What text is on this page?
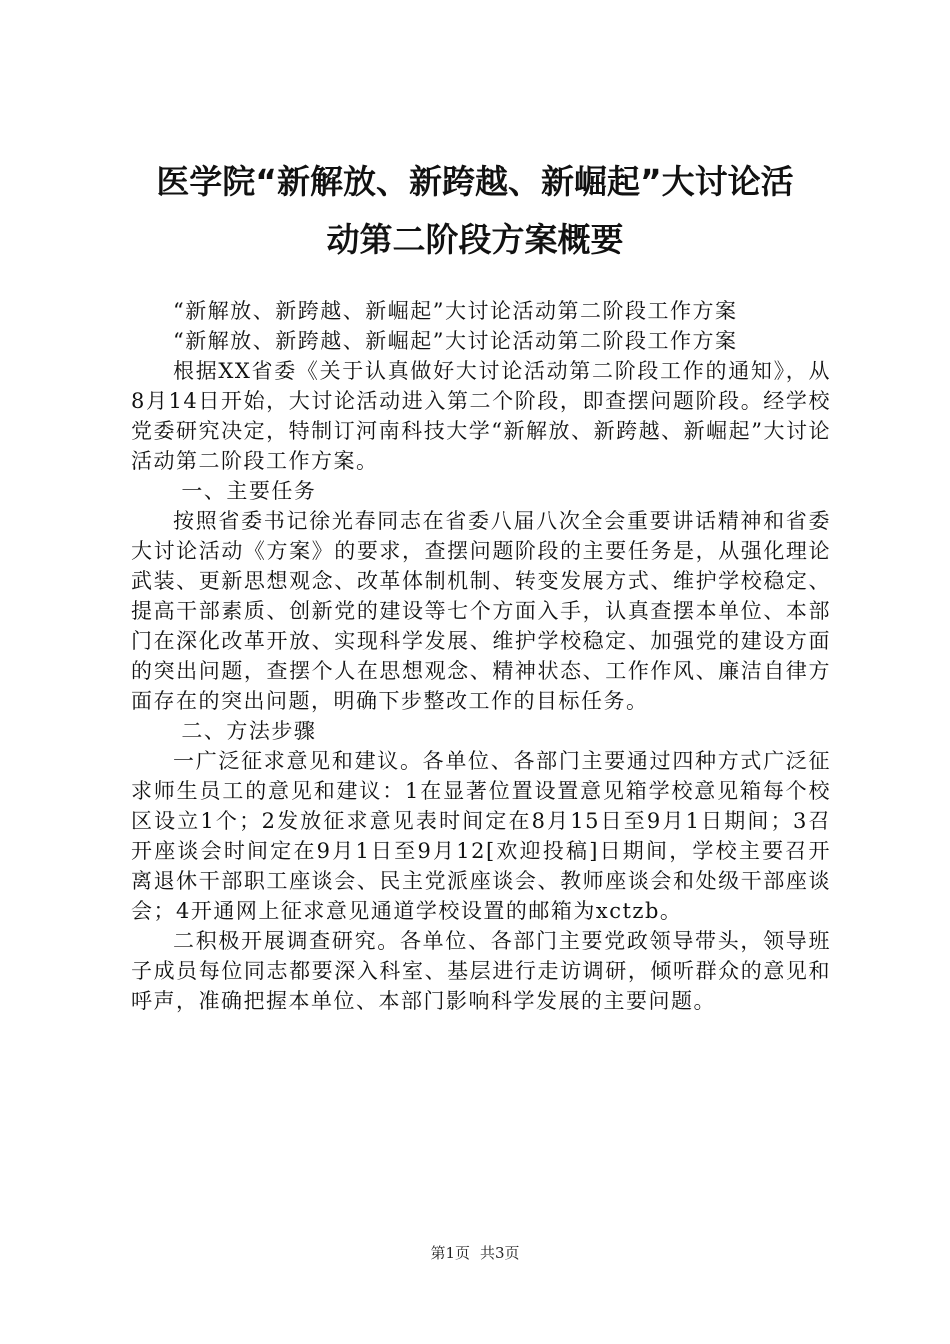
医学院“新解放、新跨越、新崛起”大讨论活
动第二阶段方案概要

“新解放、新跨越、新崛起”大讨论活动第二阶段工作方案

“新解放、新跨越、新崛起”大讨论活动第二阶段工作方案

根据XX省委《关于认真做好大讨论活动第二阶段工作的通知》，从8月14日开始，大讨论活动进入第二个阶段，即查摆问题阶段。经学校党委研究决定，特制订河南科技大学“新解放、新跨越、新崛起”大讨论活动第二阶段工作方案。

一、主要任务

按照省委书记徐光春同志在省委八届八次全会重要讲话精神和省委大讨论活动《方案》的要求，查摆问题阶段的主要任务是，从强化理论武装、更新思想观念、改革体制机制、转变发展方式、维护学校稳定、提高干部素质、创新党的建设等七个方面入手，认真查摆本单位、本部门在深化改革开放、实现科学发展、维护学校稳定、加强党的建设方面的突出问题，查摆个人在思想观念、精神状态、工作作风、廉洁自律方面存在的突出问题，明确下步整改工作的目标任务。

二、方法步骤

一广泛征求意见和建议。各单位、各部门主要通过四种方式广泛征求师生员工的意见和建议：1在显著位置设置意见箱学校意见箱每个校区设立1个；2发放征求意见表时间定在8月15日至9月1日期间；3召开座谈会时间定在9月1日至9月12[欢迎投稿]日期间，学校主要召开离退休干部职工座谈会、民主党派座谈会、教师座谈会和处级干部座谈会；4开通网上征求意见通道学校设置的邮箱为xctzb。

二积极开展调查研究。各单位、各部门主要党政领导带头，领导班子成员每位同志都要深入科室、基层进行走访调研，倾听群众的意见和呼声，准确把握本单位、本部门影响科学发展的主要问题。

第1页 共3页
